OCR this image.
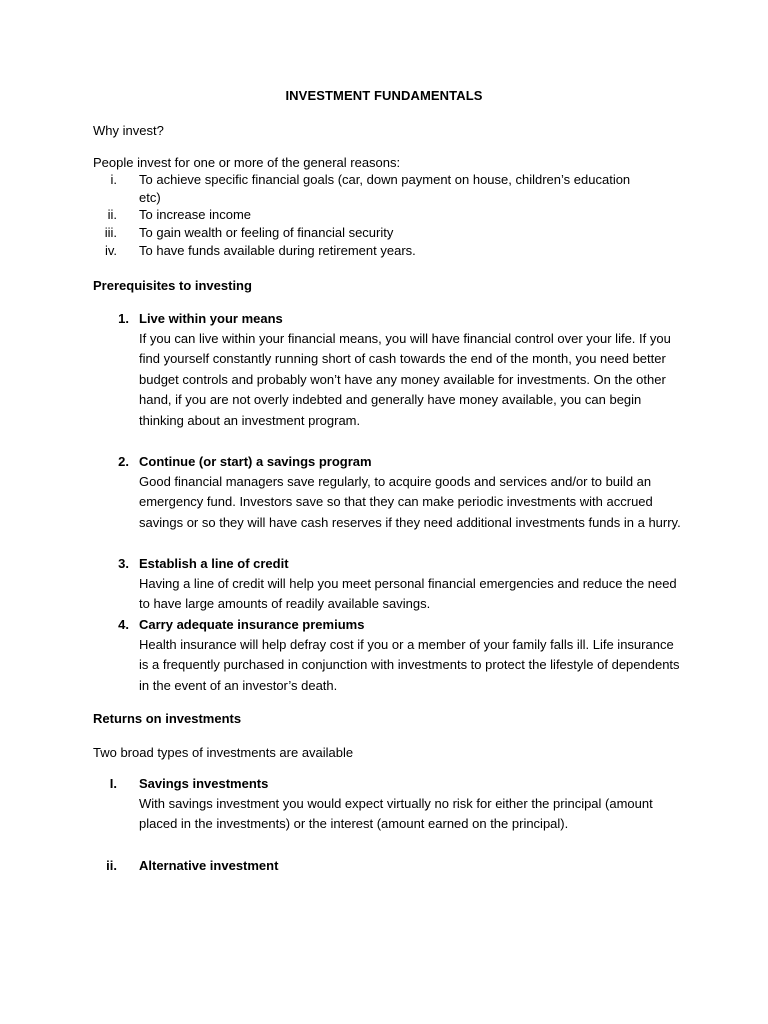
INVESTMENT FUNDAMENTALS
Why invest?
People invest for one or more of the general reasons:
i. To achieve specific financial goals (car, down payment on house, children’s education etc)
ii. To increase income
iii. To gain wealth or feeling of financial security
iv. To have funds available during retirement years.
Prerequisites to investing
1. Live within your means
If you can live within your financial means, you will have financial control over your life. If you find yourself constantly running short of cash towards the end of the month, you need better budget controls and probably won’t have any money available for investments. On the other hand, if you are not overly indebted and generally have money available, you can begin thinking about an investment program.
2. Continue (or start) a savings program
Good financial managers save regularly, to acquire goods and services and/or to build an emergency fund. Investors save so that they can make periodic investments with accrued savings or so they will have cash reserves if they need additional investments funds in a hurry.
3. Establish a line of credit
Having a line of credit will help you meet personal financial emergencies and reduce the need to have large amounts of readily available savings.
4. Carry adequate insurance premiums
Health insurance will help defray cost if you or a member of your family falls ill. Life insurance is a frequently purchased in conjunction with investments to protect the lifestyle of dependents in the event of an investor’s death.
Returns on investments
Two broad types of investments are available
I. Savings investments
With savings investment you would expect virtually no risk for either the principal (amount placed in the investments) or the interest (amount earned on the principal).
ii. Alternative investment
